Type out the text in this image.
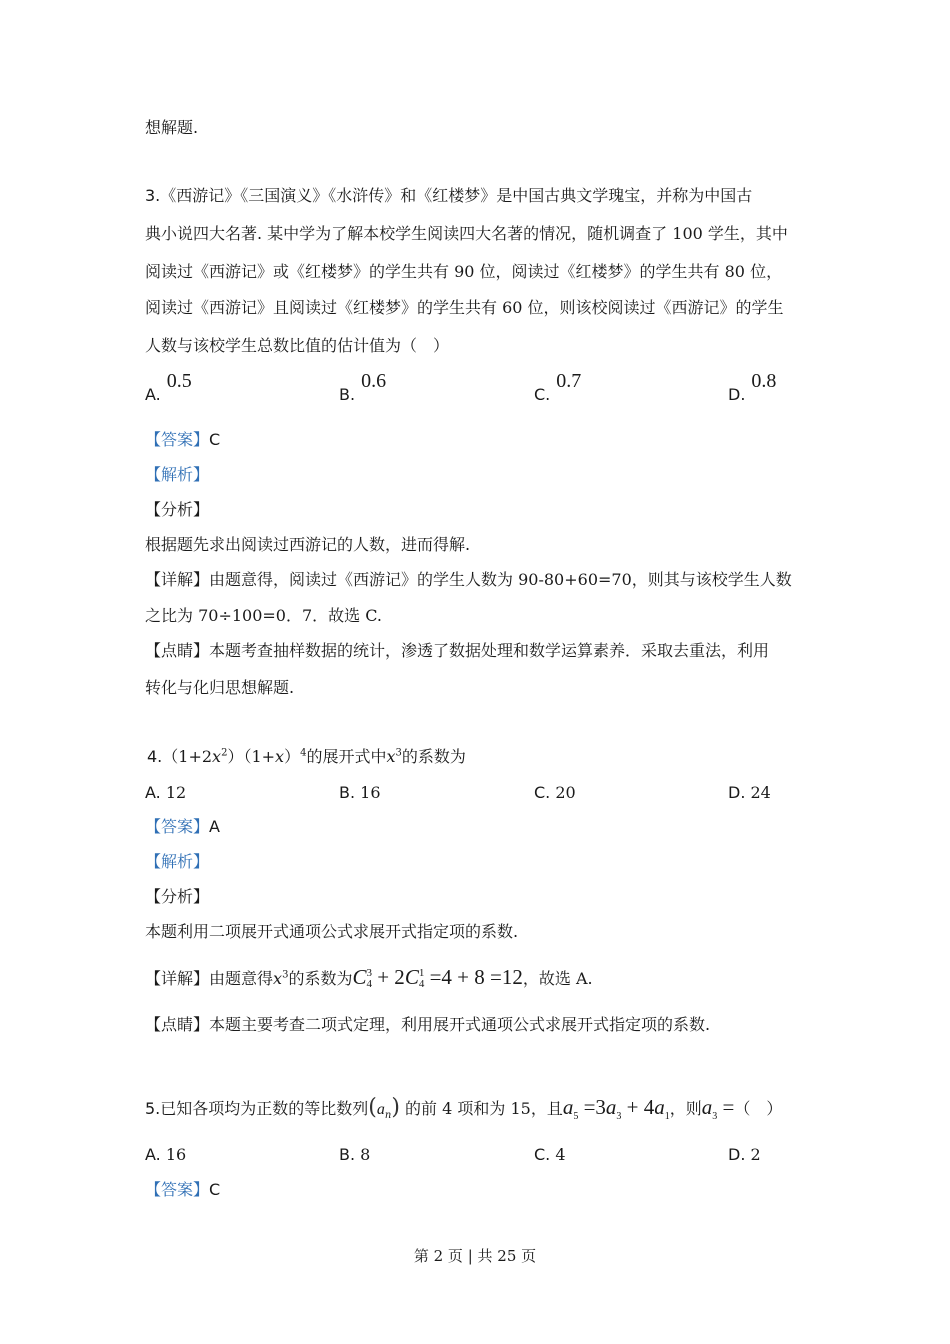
想解题.
3.《西游记》《三国演义》《水浒传》和《红楼梦》是中国古典文学瑰宝，并称为中国古
典小说四大名著. 某中学为了解本校学生阅读四大名著的情况，随机调查了 100 学生，其中
阅读过《西游记》或《红楼梦》的学生共有 90 位，阅读过《红楼梦》的学生共有 80 位，
阅读过《西游记》且阅读过《红楼梦》的学生共有 60 位，则该校阅读过《西游记》的学生
人数与该校学生总数比值的估计值为（　）
A.0.5
B.0.6
C.0.7
D.0.8
【答案】C
【解析】
【分析】
根据题先求出阅读过西游记的人数，进而得解.
【详解】由题意得，阅读过《西游记》的学生人数为 90-80+60=70，则其与该校学生人数
之比为 70÷100=0．7．故选 C.
【点睛】本题考查抽样数据的统计，渗透了数据处理和数学运算素养．采取去重法，利用
转化与化归思想解题.
$4.(1+2x^2)(1+x)^4$的展开式中$x^3$的系数为
A. 12	B. 16	C. 20	D. 24
【答案】A
【解析】
【分析】
本题利用二项展开式通项公式求展开式指定项的系数.
【详解】由题意得$x^3$的系数为C 3
4 + 2C 1
4 =4 + 8 =12，故选 A.
【点睛】本题主要考查二项式定理，利用展开式通项公式求展开式指定项的系数.
5.已知各项均为正数的等比数列$(a_n)$ 的前 4 项和为 15，且$a_5 =3a_3 + 4a_1$，则$a_3$ =（　）
A. 16	B. 8	C. 4	D. 2
【答案】C
第 2 页 | 共 25 页
